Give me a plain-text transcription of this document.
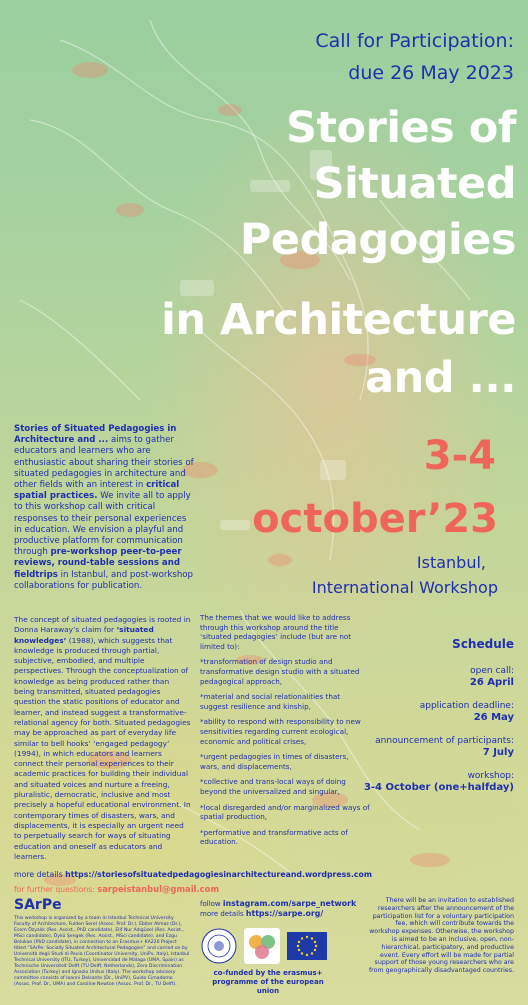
Call for Participation:
due 26 May 2023
Stories of
Situated
Pedagogies
in Architecture
and ...
3-4
october’23
Istanbul,
International Workshop
Stories of Situated Pedagogies in Architecture and ... aims to gather educators and learners who are enthusiastic about sharing their stories of situated pedagogies in architecture and other fields with an interest in critical spatial practices. We invite all to apply to this workshop call with critical responses to their personal experiences in education. We envision a playful and productive platform for communication through pre-workshop peer-to-peer reviews, round-table sessions and fieldtrips in Istanbul, and post-workshop collaborations for publication.
The concept of situated pedagogies is rooted in Donna Haraway’s claim for ‘situated knowledges’ (1988), which suggests that knowledge is produced through partial, subjective, embodied, and multiple perspectives. Through the conceptualization of knowledge as being produced rather than being transmitted, situated pedagogies question the static positions of educator and learner, and instead suggest a transformative-relational agency for both. Situated pedagogies may be approached as part of everyday life similar to bell hooks’ ‘engaged pedagogy’ (1994), in which educators and learners connect their personal experiences to their academic practices for building their individual and situated voices and nurture a freeing, pluralistic, democratic, inclusive and most precisely a hopeful educational environment. In contemporary times of disasters, wars, and displacements, it is especially an urgent need to perpetually search for ways of situating education and oneself as educators and learners.

The themes that we would like to address through this workshop around the title ‘situated pedagogies’ include (but are not limited to):

*transformation of design studio and transformative design studio with a situated pedagogical approach,

*material and social relationalities that suggest resilience and kinship,

*ability to respond with responsibility to new sensitivities regarding current ecological, economic and political crises,

*urgent pedagogies in times of disasters, wars, and displacements,

*collective and trans-local ways of doing beyond the universalized and singular,

*local disregarded and/or marginalized ways of spatial production,

*performative and transformative acts of education.

Schedule
open call:
26 April
application deadline:
26 May
announcement of participants:
7 July
workshop:
3-4 October (one+halfday)
more details https://storiesofsituatedpedagogiesinarchitectureand.wordpress.com
for further questions: sarpeistanbul@gmail.com
SArPe
This workshop is organized by a team in Istanbul Technical University Faculty of Architecture, Fulden Serel (Assoc. Prof. Dr.), Ebiter Atmaz (Dr.), Ecem Özyalık (Res. Assist., PhD candidate), Elif Nur Adıgüzel (Res. Assist., MSci candidate), Öykü Şengek (Res. Assist., MSci candidate), and Ezgu Bolukan (PhD candidate), in connection to an Erasmus+ KA220 Project titled “SArPe: Socially Situated Architectural Pedagogies” and carried on by Università degli Studi di Pavia (Coordinator University, UniPv, Italy), Istanbul Technical University (ITU, Turkey), Universidad de Málaga (UMA, Spain) as Technische Universiteit Delft (TU Delft, Netherlands), Zero Discrimination Association (Turkey) and Ignazio Unitus (Italy). The workshop advisory committee consists of Ioanni Delsante (Dr., UniPV), Guido Cimadomo (Assoc. Prof. Dr., UMA) and Caroline Newton (Assoc. Prof. Dr., TU Delft).
follow instagram.com/sarpe_network
more details https://sarpe.org/
co-funded by the erasmus+
programme of the european union
There will be an invitation to established researchers after the announcement of the participation list for a voluntary participation fee, which will contribute towards the workshop expenses. Otherwise, the workshop is aimed to be an inclusive, open, non-hierarchical, participatory, and productive event. Every effort will be made for partial support of those young researchers who are from geographically disadvantaged countries.
